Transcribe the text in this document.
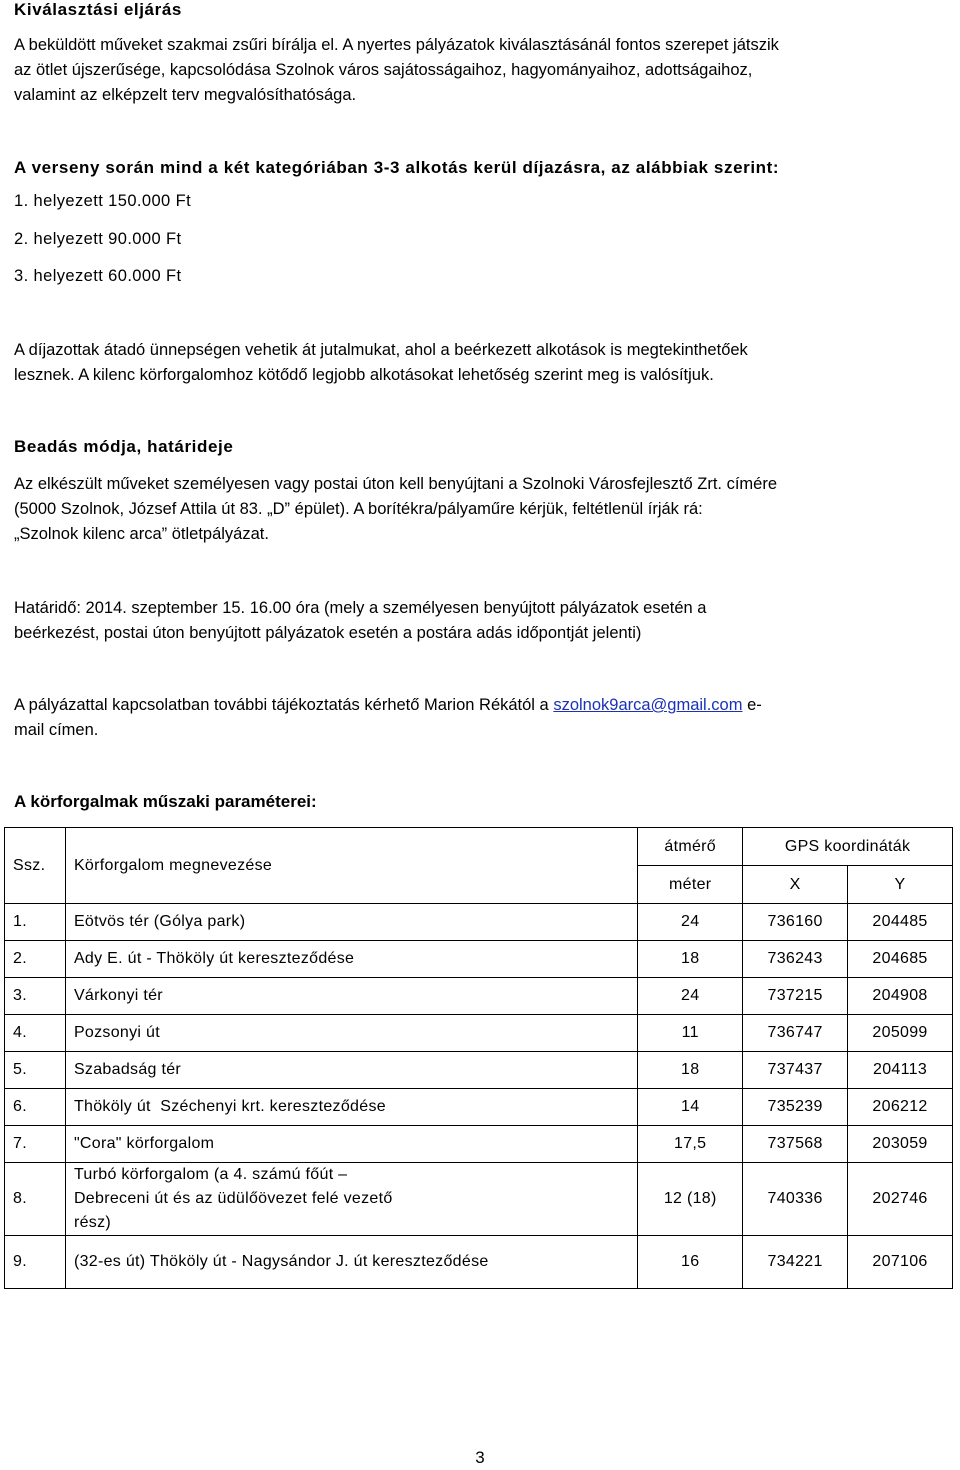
Kiválasztási eljárás

A beküldött műveket szakmai zsűri bírálja el. A nyertes pályázatok kiválasztásánál fontos szerepet játszik

az ötlet újszerűsége, kapcsolódása Szolnok város sajátosságaihoz, hagyományaihoz, adottságaihoz,

valamint az elképzelt terv megvalósíthatósága.

A verseny során mind a két kategóriában 3-3 alkotás kerül díjazásra, az alábbiak szerint:
1. helyezett 150.000 Ft
2. helyezett 90.000 Ft
3. helyezett 60.000 Ft

A díjazottak átadó ünnepségen vehetik át jutalmukat, ahol a beérkezett alkotások is megtekinthetőek

lesznek. A kilenc körforgalomhoz kötődő legjobb alkotásokat lehetőség szerint meg is valósítjuk.

Beadás módja, határideje

Az elkészült műveket személyesen vagy postai úton kell benyújtani a Szolnoki Városfejlesztő Zrt. címére

(5000 Szolnok, József Attila út 83. „D” épület). A borítékra/pályaműre kérjük, feltétlenül írják rá:

„Szolnok kilenc arca” ötletpályázat.

Határidő: 2014. szeptember 15. 16.00 óra (mely a személyesen benyújtott pályázatok esetén a

beérkezést, postai úton benyújtott pályázatok esetén a postára adás időpontját jelenti)

A pályázattal kapcsolatban további tájékoztatás kérhető Marion Rékától a szolnok9arca@gmail.com e-

mail címen.

A körforgalmak műszaki paraméterei:
Ssz.	Körforgalom megnevezése	átmérő	GPS koordináták	
		méter	X	Y
1.	Eötvös tér (Gólya park)	24	736160	204485
2.	Ady E. út - Thököly út kereszteződése	18	736243	204685
3.	Várkonyi tér	24	737215	204908
4.	Pozsonyi út	11	736747	205099
5.	Szabadság tér	18	737437	204113
6.	Thököly út  Széchenyi krt. kereszteződése	14	735239	206212
7.	"Cora" körforgalom	17,5	737568	203059
8.	Turbó körforgalom (a 4. számú főút – Debreceni út és az üdülőövezet felé vezető rész)	12 (18)	740336	202746
9.	(32-es út) Thököly út - Nagysándor J. út kereszteződése	16	734221	207106
3
